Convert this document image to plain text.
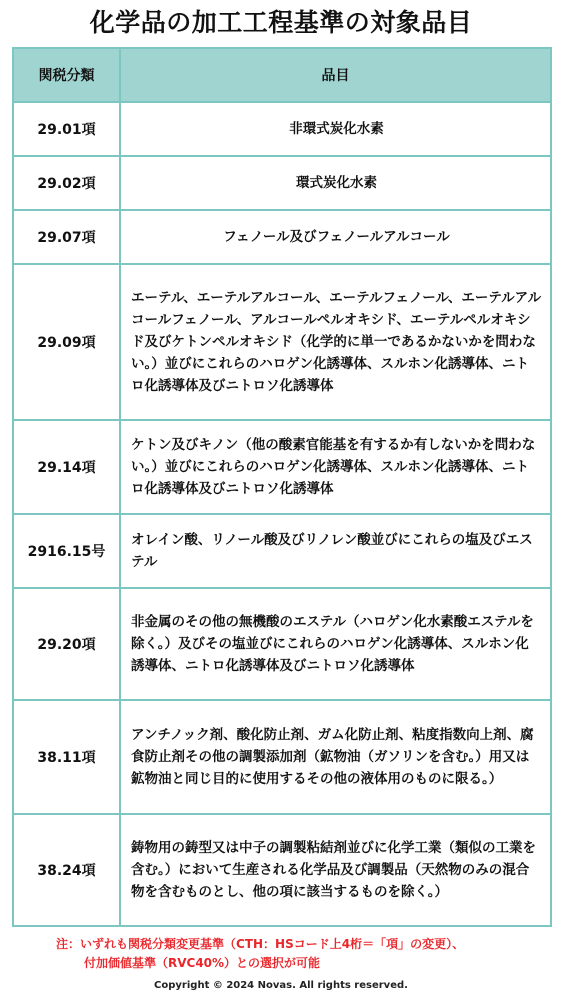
化学品の加工工程基準の対象品目
関税分類	品目
29.01項	非環式炭化水素
29.02項	環式炭化水素
29.07項	フェノール及びフェノールアルコール
29.09項	エーテル、エーテルアルコール、エーテルフェノール、エーテルアルコールフェノール、アルコールペルオキシド、エーテルペルオキシド及びケトンペルオキシド（化学的に単一であるかないかを問わない。）並びにこれらのハロゲン化誘導体、スルホン化誘導体、ニトロ化誘導体及びニトロソ化誘導体
29.14項	ケトン及びキノン（他の酸素官能基を有するか有しないかを問わない。）並びにこれらのハロゲン化誘導体、スルホン化誘導体、ニトロ化誘導体及びニトロソ化誘導体
2916.15号	オレイン酸、リノール酸及びリノレン酸並びにこれらの塩及びエステル
29.20項	非金属のその他の無機酸のエステル（ハロゲン化水素酸エステルを除く。）及びその塩並びにこれらのハロゲン化誘導体、スルホン化誘導体、ニトロ化誘導体及びニトロソ化誘導体
38.11項	アンチノック剤、酸化防止剤、ガム化防止剤、粘度指数向上剤、腐食防止剤その他の調製添加剤（鉱物油（ガソリンを含む。）用又は鉱物油と同じ目的に使用するその他の液体用のものに限る。）
38.24項	鋳物用の鋳型又は中子の調製粘結剤並びに化学工業（類似の工業を含む。）において生産される化学品及び調製品（天然物のみの混合物を含むものとし、他の項に該当するものを除く。）
注：いずれも関税分類変更基準（CTH：HSコード上4桁＝「項」の変更）、
付加価値基準（RVC40%）との選択が可能
Copyright © 2024 Novas. All rights reserved.
